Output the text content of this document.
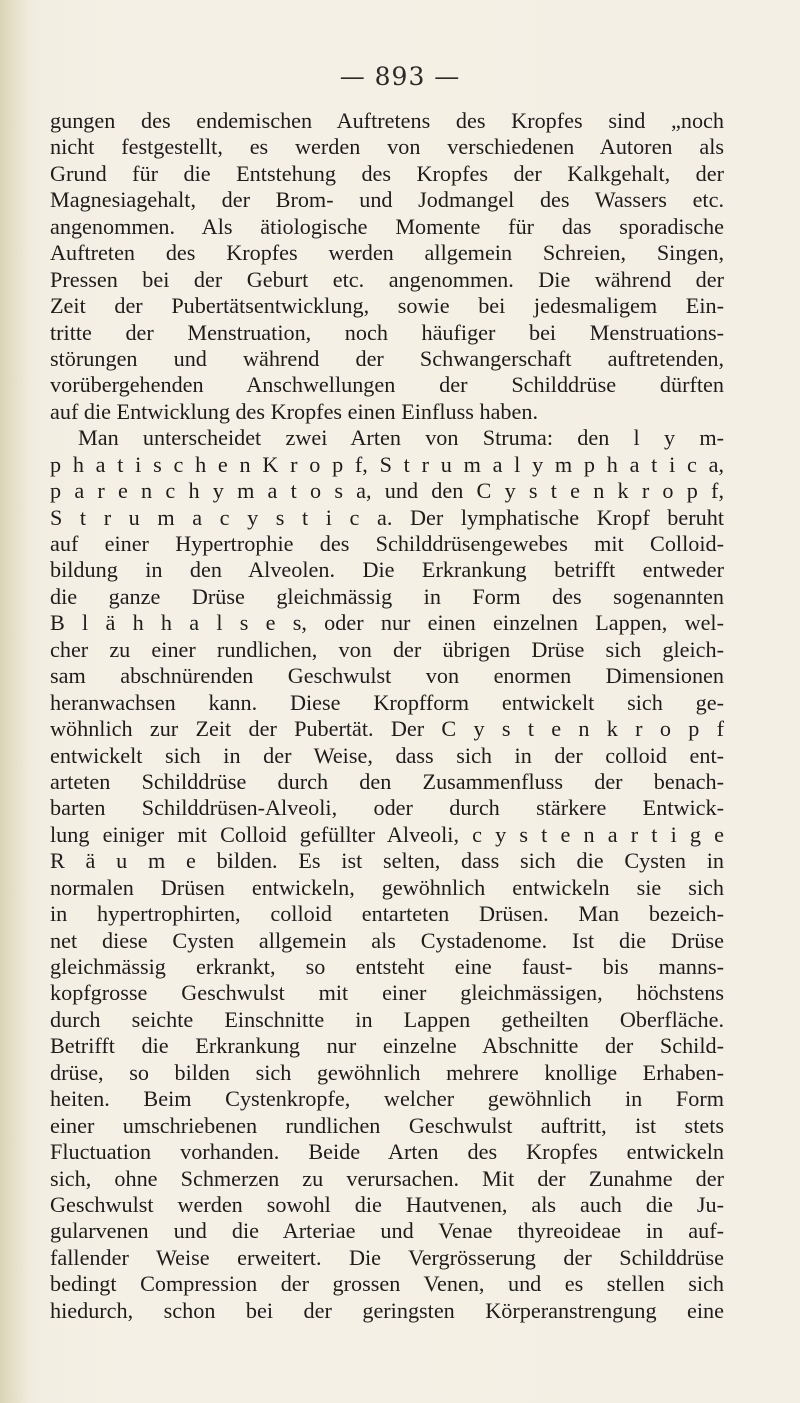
— 893 —
gungen des endemischen Auftretens des Kropfes sind „noch
nicht festgestellt, es werden von verschiedenen Autoren als
Grund für die Entstehung des Kropfes der Kalkgehalt, der
Magnesiagehalt, der Brom- und Jodmangel des Wassers etc.
angenommen. Als ätiologische Momente für das sporadische
Auftreten des Kropfes werden allgemein Schreien, Singen,
Pressen bei der Geburt etc. angenommen. Die während der
Zeit der Pubertätsentwicklung, sowie bei jedesmaligem Ein-
tritte der Menstruation, noch häufiger bei Menstruations-
störungen und während der Schwangerschaft auftretenden,
vorübergehenden Anschwellungen der Schilddrüse dürften
auf die Entwicklung des Kropfes einen Einfluss haben.
Man unterscheidet zwei Arten von Struma: den l y m-
p h a t i s c h e n K r o p f, S t r u m a l y m p h a t i c a,
p a r e n c h y m a t o s a, und den C y s t e n k r o p f,
S t r u m a c y s t i c a. Der lymphatische Kropf beruht
auf einer Hypertrophie des Schilddrüsengewebes mit Colloid-
bildung in den Alveolen. Die Erkrankung betrifft entweder
die ganze Drüse gleichmässig in Form des sogenannten
B l ä h h a l s e s, oder nur einen einzelnen Lappen, wel-
cher zu einer rundlichen, von der übrigen Drüse sich gleich-
sam abschnürenden Geschwulst von enormen Dimensionen
heranwachsen kann. Diese Kropfform entwickelt sich ge-
wöhnlich zur Zeit der Pubertät. Der C y s t e n k r o p f
entwickelt sich in der Weise, dass sich in der colloid ent-
arteten Schilddrüse durch den Zusammenfluss der benach-
barten Schilddrüsen-Alveoli, oder durch stärkere Entwick-
lung einiger mit Colloid gefüllter Alveoli, c y s t e n a r t i g e
R ä u m e bilden. Es ist selten, dass sich die Cysten in
normalen Drüsen entwickeln, gewöhnlich entwickeln sie sich
in hypertrophirten, colloid entarteten Drüsen. Man bezeich-
net diese Cysten allgemein als Cystadenome. Ist die Drüse
gleichmässig erkrankt, so entsteht eine faust- bis manns-
kopfgrosse Geschwulst mit einer gleichmässigen, höchstens
durch seichte Einschnitte in Lappen getheilten Oberfläche.
Betrifft die Erkrankung nur einzelne Abschnitte der Schild-
drüse, so bilden sich gewöhnlich mehrere knollige Erhaben-
heiten. Beim Cystenkropfe, welcher gewöhnlich in Form
einer umschriebenen rundlichen Geschwulst auftritt, ist stets
Fluctuation vorhanden. Beide Arten des Kropfes entwickeln
sich, ohne Schmerzen zu verursachen. Mit der Zunahme der
Geschwulst werden sowohl die Hautvenen, als auch die Ju-
gularvenen und die Arteriae und Venae thyreoideae in auf-
fallender Weise erweitert. Die Vergrösserung der Schilddrüse
bedingt Compression der grossen Venen, und es stellen sich
hiedurch, schon bei der geringsten Körperanstrengung eine
